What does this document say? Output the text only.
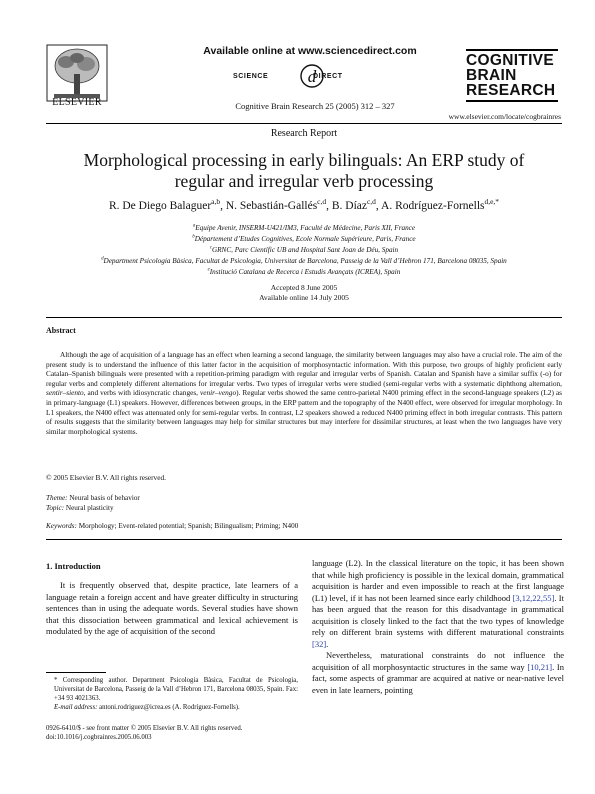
ELSEVIER
Available online at www.sciencedirect.com
d
SCIENCE	DIRECT
Cognitive Brain Research 25 (2005) 312 – 327
COGNITIVE
BRAIN
RESEARCH
www.elsevier.com/locate/cogbrainres
Research Report
Morphological processing in early bilinguals: An ERP study of regular and irregular verb processing
R. De Diego Balaguer$^{a,b}$, N. Sebastián-Gallés$^{c,d}$, B. Díaz$^{c,d}$, A. Rodríguez-Fornells$^{d,e,*}$
$^a$Equipe Avenir, INSERM-U421/IM3, Faculté de Médecine, Paris XII, France
$^b$Département d’Etudes Cognitives, Ecole Normale Supérieure, Paris, France
$^c$GRNC, Parc Científic UB and Hospital Sant Joan de Déu, Spain
$^d$Department Psicologia Bàsica, Facultat de Psicologia, Universitat de Barcelona, Passeig de la Vall d’Hebron 171, Barcelona 08035, Spain
$^e$Institució Catalana de Recerca i Estudis Avançats (ICREA), Spain
Accepted 8 June 2005
Available online 14 July 2005
Abstract
Although the age of acquisition of a language has an effect when learning a second language, the similarity between languages may also have a crucial role. The aim of the present study is to understand the influence of this latter factor in the acquisition of morphosyntactic information. With this purpose, two groups of highly proficient early Catalan–Spanish bilinguals were presented with a repetition-priming paradigm with regular and irregular verbs of Spanish. Catalan and Spanish have a similar suffix (-o) for regular verbs and completely different alternations for irregular verbs. Two types of irregular verbs were studied (semi-regular verbs with a systematic diphthong alternation, sentir–siento, and verbs with idiosyncratic changes, venir–vengo). Regular verbs showed the same centro-parietal N400 priming effect in the second-language speakers (L2) as in primary-language (L1) speakers. However, differences between groups, in the ERP pattern and the topography of the N400 effect, were observed for irregular morphology. In L1 speakers, the N400 effect was attenuated only for semi-regular verbs. In contrast, L2 speakers showed a reduced N400 priming effect in both irregular contrasts. This pattern of results suggests that the similarity between languages may help for similar structures but may interfere for dissimilar structures, at least when the two languages have very similar morphological systems.
© 2005 Elsevier B.V. All rights reserved.
Theme: Neural basis of behavior
Topic: Neural plasticity
Keywords: Morphology; Event-related potential; Spanish; Bilingualism; Priming; N400
1. Introduction
It is frequently observed that, despite practice, late learners of a language retain a foreign accent and have greater difficulty in structuring sentences than in using the adequate words. Several studies have shown that this dissociation between grammatical and lexical achievement is modulated by the age of acquisition of the second

language (L2). In the classical literature on the topic, it has been shown that while high proficiency is possible in the lexical domain, grammatical acquisition is harder and even impossible to reach at the first language (L1) level, if it has not been learned since early childhood [3,12,22,55]. It has been argued that the reason for this disadvantage in grammatical acquisition is closely linked to the fact that the two types of knowledge rely on different brain systems with different maturational constraints [32].

Nevertheless, maturational constraints do not influence the acquisition of all morphosyntactic structures in the same way [10,21]. In fact, some aspects of grammar are acquired at native or near-native level even in late learners, pointing

* Corresponding author. Department Psicologia Bàsica, Facultat de Psicologia, Universitat de Barcelona, Passeig de la Vall d’Hebron 171, Barcelona 08035, Spain. Fax: +34 93 4021363.
E-mail address: antoni.rodriguez@icrea.es (A. Rodríguez-Fornells).
0926-6410/$ - see front matter © 2005 Elsevier B.V. All rights reserved.
doi:10.1016/j.cogbrainres.2005.06.003
